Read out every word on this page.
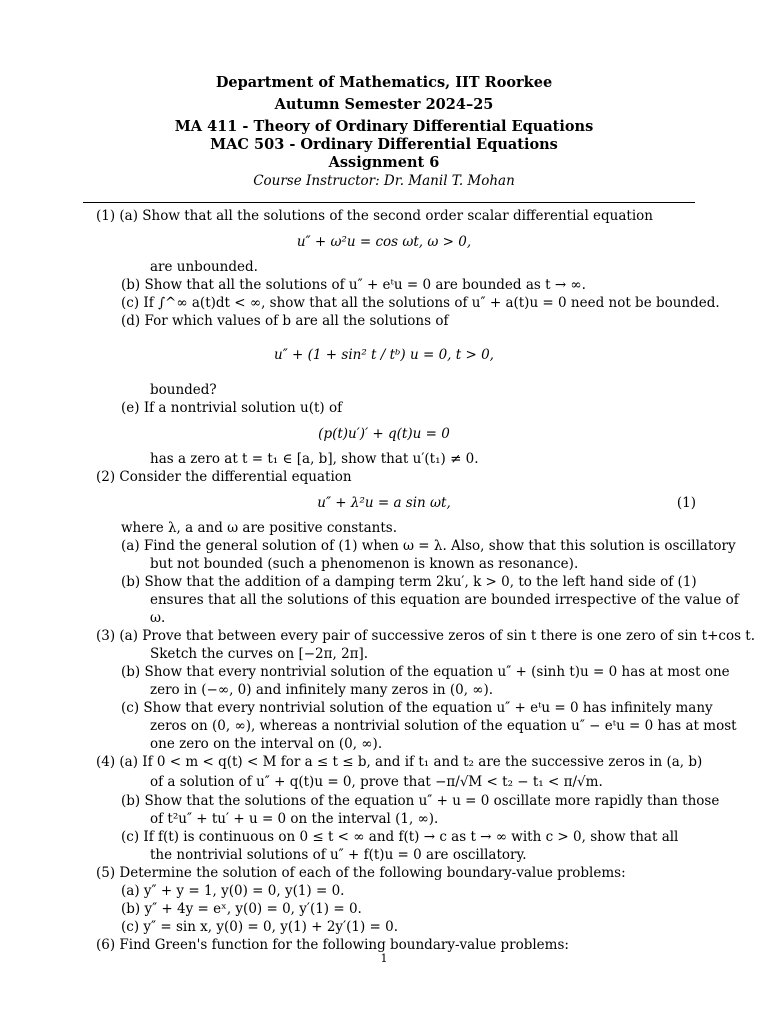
Department of Mathematics, IIT Roorkee
Autumn Semester 2024–25
MA 411 - Theory of Ordinary Differential Equations
MAC 503 - Ordinary Differential Equations
Assignment 6
Course Instructor: Dr. Manil T. Mohan
(1) (a) Show that all the solutions of the second order scalar differential equation
u″ + ω²u = cos ωt, ω > 0,
are unbounded.
(b) Show that all the solutions of u″ + eᵗu = 0 are bounded as t → ∞.
(c) If ∫^∞ a(t)dt < ∞, show that all the solutions of u″ + a(t)u = 0 need not be bounded.
(d) For which values of b are all the solutions of
u″ + (1 + sin² t / tᵇ) u = 0, t > 0,
bounded?
(e) If a nontrivial solution u(t) of
(p(t)u′)′ + q(t)u = 0
has a zero at t = t₁ ∈ [a, b], show that u′(t₁) ≠ 0.
(2) Consider the differential equation
u″ + λ²u = a sin ωt,	(1)
where λ, a and ω are positive constants.
(a) Find the general solution of (1) when ω = λ. Also, show that this solution is oscillatory
but not bounded (such a phenomenon is known as resonance).
(b) Show that the addition of a damping term 2ku′, k > 0, to the left hand side of (1)
ensures that all the solutions of this equation are bounded irrespective of the value of
ω.
(3) (a) Prove that between every pair of successive zeros of sin t there is one zero of sin t+cos t.
Sketch the curves on [−2π, 2π].
(b) Show that every nontrivial solution of the equation u″ + (sinh t)u = 0 has at most one
zero in (−∞, 0) and infinitely many zeros in (0, ∞).
(c) Show that every nontrivial solution of the equation u″ + eᵗu = 0 has infinitely many
zeros on (0, ∞), whereas a nontrivial solution of the equation u″ − eᵗu = 0 has at most
one zero on the interval on (0, ∞).
(4) (a) If 0 < m < q(t) < M for a ≤ t ≤ b, and if t₁ and t₂ are the successive zeros in (a, b)
of a solution of u″ + q(t)u = 0, prove that −π/√M < t₂ − t₁ < π/√m.
(b) Show that the solutions of the equation u″ + u = 0 oscillate more rapidly than those
of t²u″ + tu′ + u = 0 on the interval (1, ∞).
(c) If f(t) is continuous on 0 ≤ t < ∞ and f(t) → c as t → ∞ with c > 0, show that all
the nontrivial solutions of u″ + f(t)u = 0 are oscillatory.
(5) Determine the solution of each of the following boundary-value problems:
(a) y″ + y = 1, y(0) = 0, y(1) = 0.
(b) y″ + 4y = eˣ, y(0) = 0, y′(1) = 0.
(c) y″ = sin x, y(0) = 0, y(1) + 2y′(1) = 0.
(6) Find Green's function for the following boundary-value problems:
1
